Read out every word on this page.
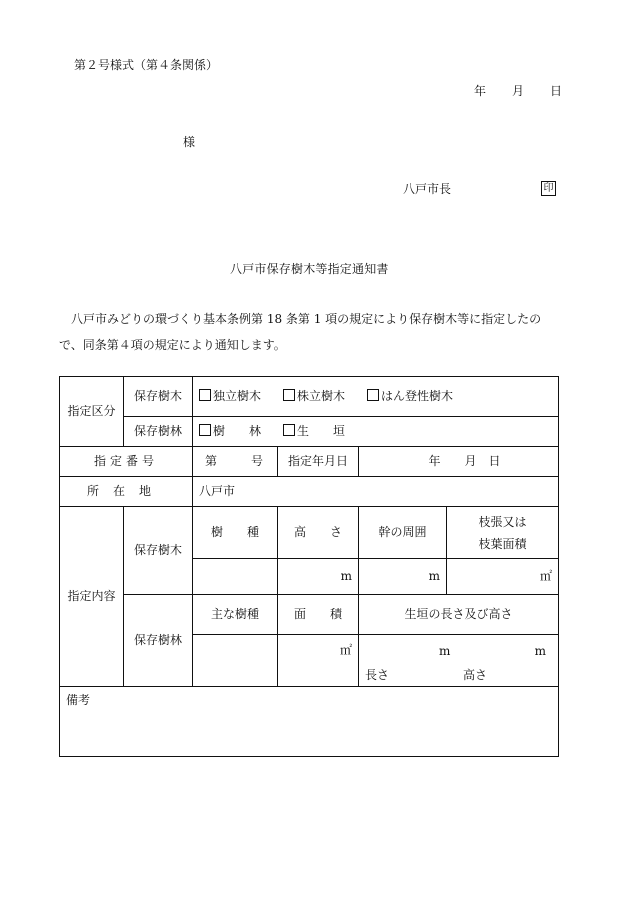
第２号様式（第４条関係）
年 月 日
様
八戸市長	印
八戸市保存樹木等指定通知書
八戸市みどりの環づくり基本条例第 18 条第 1 項の規定により保存樹木等に指定したので、同条第４項の規定により通知します。
指定区分	保存樹木	独立樹木 株立樹木 はん登性樹木			
	保存樹林	樹　　林 生　　垣			
指定番号		第 号	指定年月日	年 月 日	
所在地		八戸市			
指定内容	保存樹木	樹　　種	高　　さ	幹の周囲	枝張又は
枝葉面積

			m	m	㎡
	保存樹林	主な樹種	面　　積	生垣の長さ及び高さ	
			㎡	m m
長さ 高さ	

備考					
